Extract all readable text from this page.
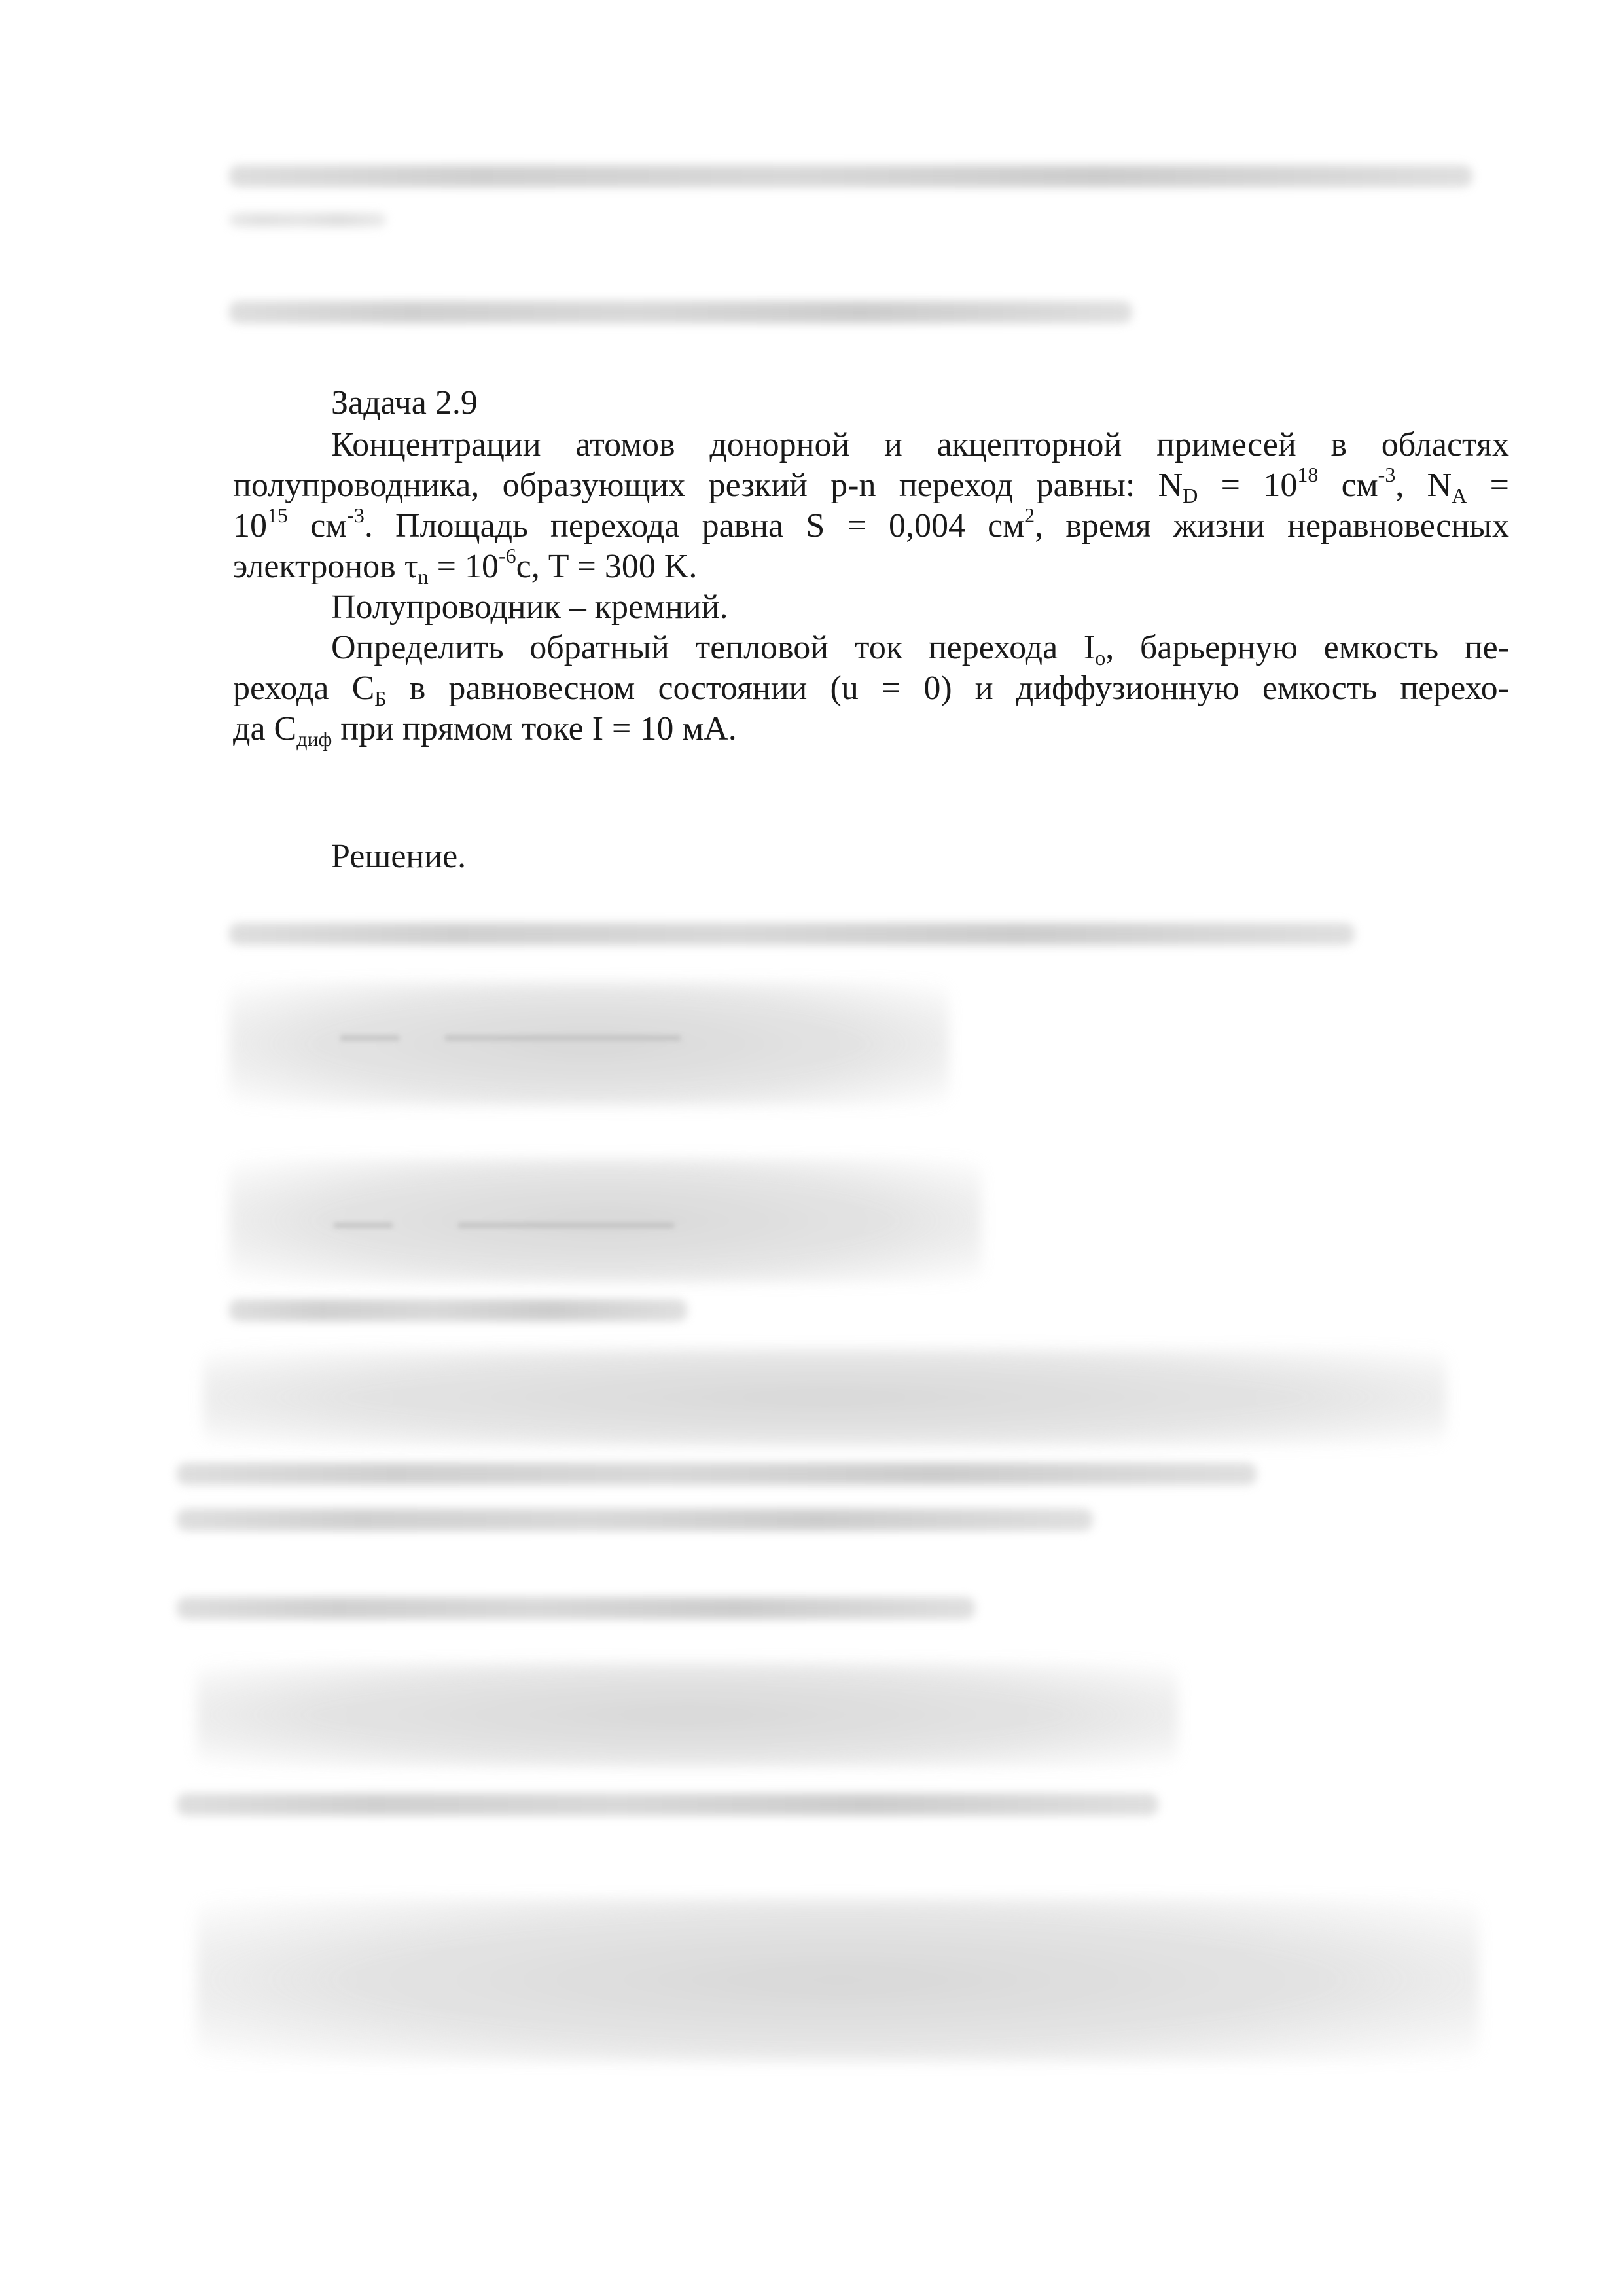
Задача 2.9
Концентрации атомов донорной и акцепторной примесей в областях
полупроводника, образующих резкий p-n переход равны: $N_D = 10^{18}$ $см^{-3}$, $N_A$ =
$10^{15}$ $см^{-3}$. Площадь перехода равна S = 0,004 $см^2$, время жизни неравновесных
электронов $\tau_n = 10^{-6}с$, T = 300 K.
Полупроводник – кремний.
Определить обратный тепловой ток перехода $I_o$, барьерную емкость пе-
рехода $C_Б$ в равновесном состоянии (u = 0) и диффузионную емкость перехо-
да $C_{диф}$ при прямом токе I = 10 мА.
Решение.
